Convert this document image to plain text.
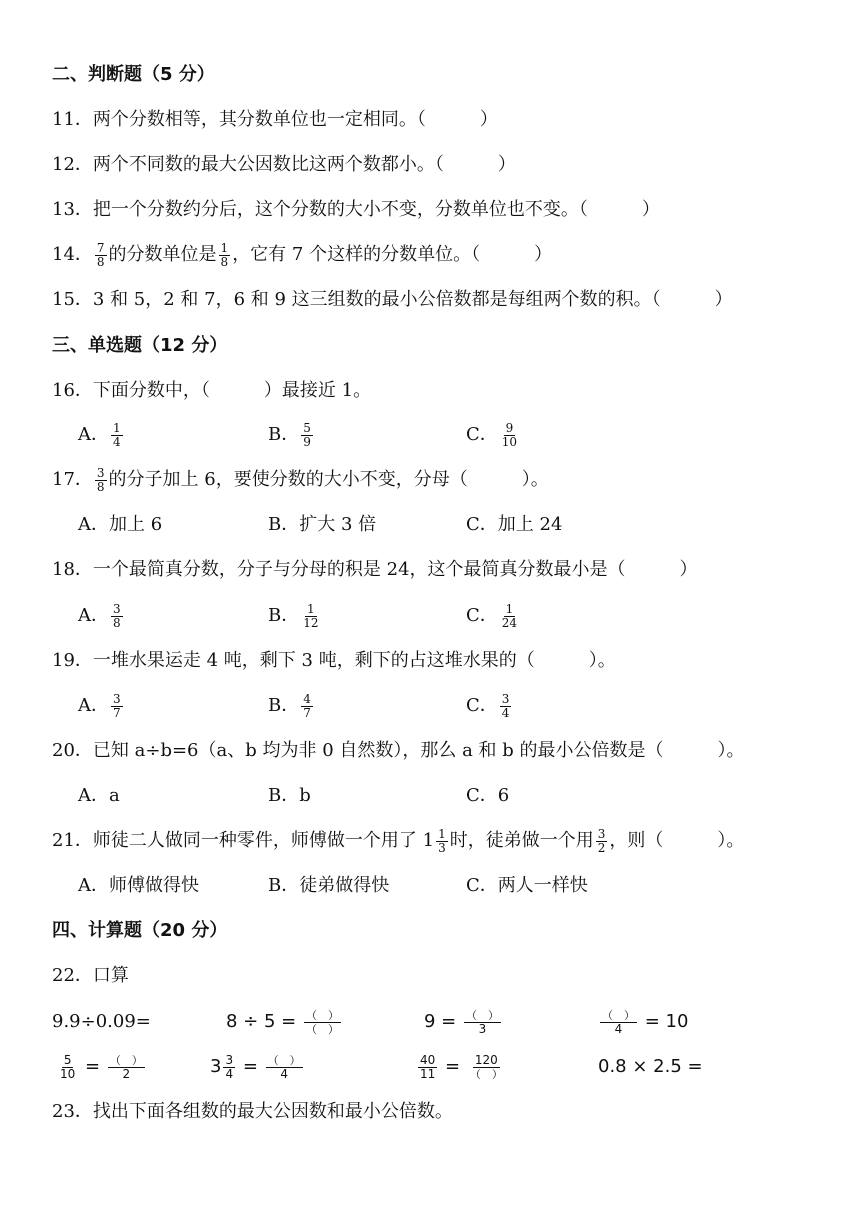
二、判断题（5 分）
11．两个分数相等，其分数单位也一定相同。（　　　）
12．两个不同数的最大公因数比这两个数都小。（　　　）
13．把一个分数约分后，这个分数的大小不变，分数单位也不变。（　　　）
14． $\frac{7}{8}$ 的分数单位是 $\frac{1}{8}$ ，它有 7 个这样的分数单位。（　　　）
15．3 和 5，2 和 7，6 和 9 这三组数的最小公倍数都是每组两个数的积。（　　　）
三、单选题（12 分）
16．下面分数中，（　　　）最接近 1。
A． $\frac{1}{4}$	B． $\frac{5}{9}$	C． $\frac{9}{10}$
17． $\frac{3}{8}$ 的分子加上 6，要使分数的大小不变，分母（　　　）。
A．加上 6	B．扩大 3 倍	C．加上 24
18．一个最简真分数，分子与分母的积是 24，这个最简真分数最小是（　　　）
A． $\frac{3}{8}$	B． $\frac{1}{12}$	C． $\frac{1}{24}$
19．一堆水果运走 4 吨，剩下 3 吨，剩下的占这堆水果的（　　　）。
A． $\frac{3}{7}$	B． $\frac{4}{7}$	C． $\frac{3}{4}$
20．已知 a÷b=6（a、b 均为非 0 自然数），那么 a 和 b 的最小公倍数是（　　　）。
A．a	B．b	C．6
21．师徒二人做同一种零件，师傅做一个用了 $1 \frac{1}{3}$ 时，徒弟做一个用 $\frac{3}{2}$ ，则（　　　）。
A．师傅做得快	B．徒弟做得快	C．两人一样快
四、计算题（20 分）
22．口算
9.9÷0.09=	$8 \div 5 = \frac{( )}{( )}$	$9 = \frac{( )}{3}$	$\frac{( )}{4} = 10$
$\frac{5}{10} = \frac{( )}{2}$	$3 \frac{3}{4} = \frac{( )}{4}$	$\frac{40}{11} = \frac{120}{( )}$	0.8 × 2.5 =
23．找出下面各组数的最大公因数和最小公倍数。
